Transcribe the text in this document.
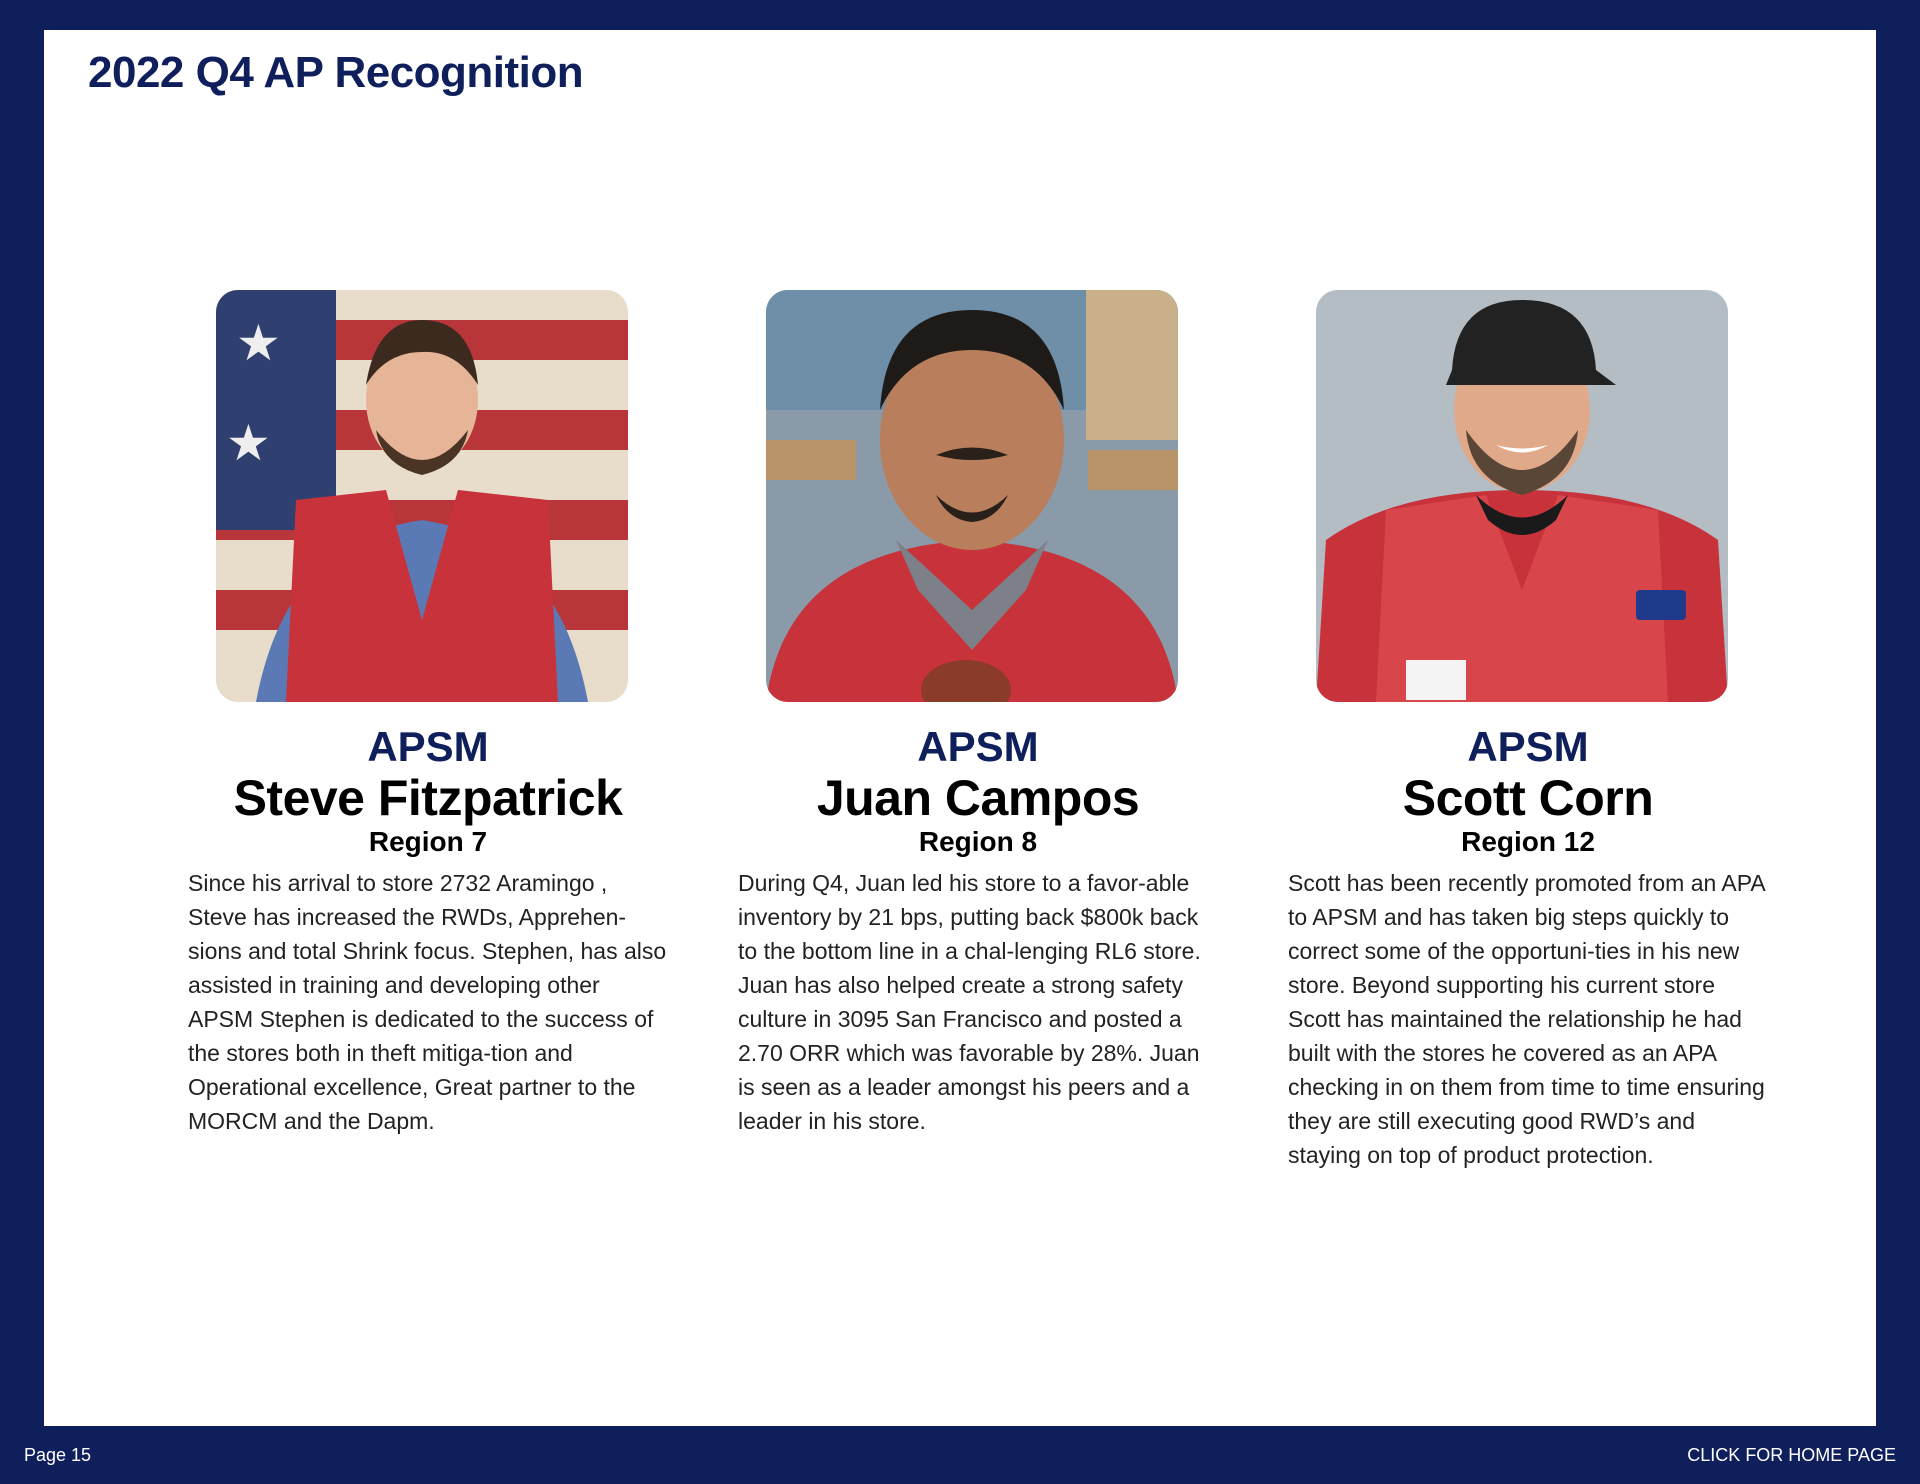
2022 Q4 AP Recognition
★
★
APSM
Steve Fitzpatrick
Region 7

Since his arrival to store 2732 Aramingo , Steve has increased the RWDs, Apprehen-sions and total Shrink focus. Stephen, has also assisted in training and developing other APSM Stephen is dedicated to the success of the stores both in theft mitiga-tion and Operational excellence, Great partner to the MORCM and the Dapm.

APSM
Juan Campos
Region 8

During Q4, Juan led his store to a favor-able inventory by 21 bps, putting back $800k back to the bottom line in a chal-lenging RL6 store. Juan has also helped create a strong safety culture in 3095 San Francisco and posted a 2.70 ORR which was favorable by 28%. Juan is seen as a leader amongst his peers and a leader in his store.

APSM
Scott Corn
Region 12

Scott has been recently promoted from an APA to APSM and has taken big steps quickly to correct some of the opportuni-ties in his new store. Beyond supporting his current store Scott has maintained the relationship he had built with the stores he covered as an APA checking in on them from time to time ensuring they are still executing good RWD’s and staying on top of product protection.

Page 15	CLICK FOR HOME PAGE
